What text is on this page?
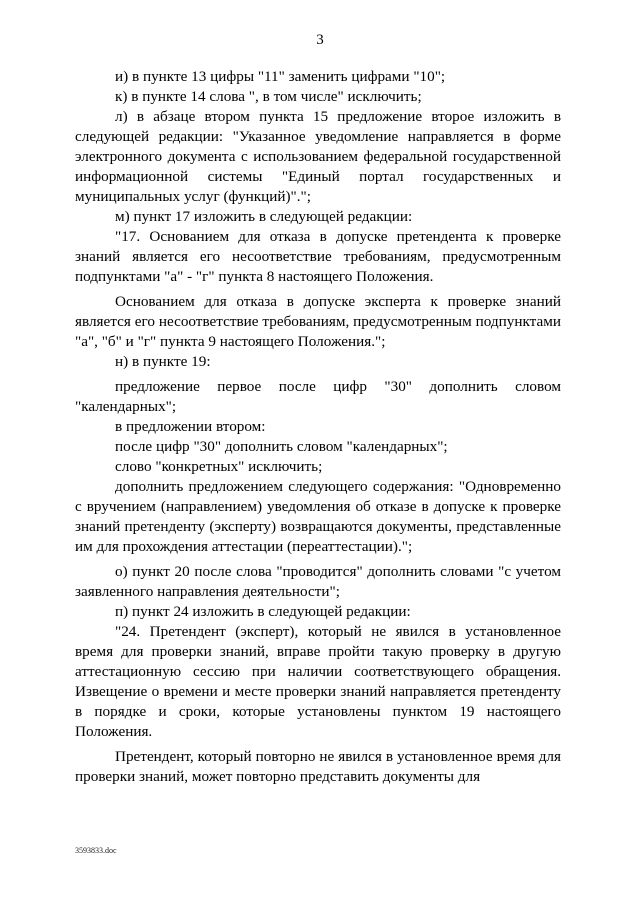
3

и) в пункте 13 цифры "11" заменить цифрами "10";

к) в пункте 14 слова ", в том числе" исключить;

л) в абзаце втором пункта 15 предложение второе изложить в следующей редакции: "Указанное уведомление направляется в форме электронного документа с использованием федеральной государственной информационной системы "Единый портал государственных и муниципальных услуг (функций)".";

м) пункт 17 изложить в следующей редакции:

"17. Основанием для отказа в допуске претендента к проверке знаний является его несоответствие требованиям, предусмотренным подпунктами "а" - "г" пункта 8 настоящего Положения.

Основанием для отказа в допуске эксперта к проверке знаний является его несоответствие требованиям, предусмотренным подпунктами "а", "б" и "г" пункта 9 настоящего Положения.";

н) в пункте 19:

предложение первое после цифр "30" дополнить словом "календарных";

в предложении втором:

после цифр "30" дополнить словом "календарных";

слово "конкретных" исключить;

дополнить предложением следующего содержания: "Одновременно с вручением (направлением) уведомления об отказе в допуске к проверке знаний претенденту (эксперту) возвращаются документы, представленные им для прохождения аттестации (переаттестации).";

о) пункт 20 после слова "проводится" дополнить словами "с учетом заявленного направления деятельности";

п) пункт 24 изложить в следующей редакции:

"24. Претендент (эксперт), который не явился в установленное время для проверки знаний, вправе пройти такую проверку в другую аттестационную сессию при наличии соответствующего обращения. Извещение о времени и месте проверки знаний направляется претенденту в порядке и сроки, которые установлены пунктом 19 настоящего Положения.

Претендент, который повторно не явился в установленное время для проверки знаний, может повторно представить документы для

3593833.doc
